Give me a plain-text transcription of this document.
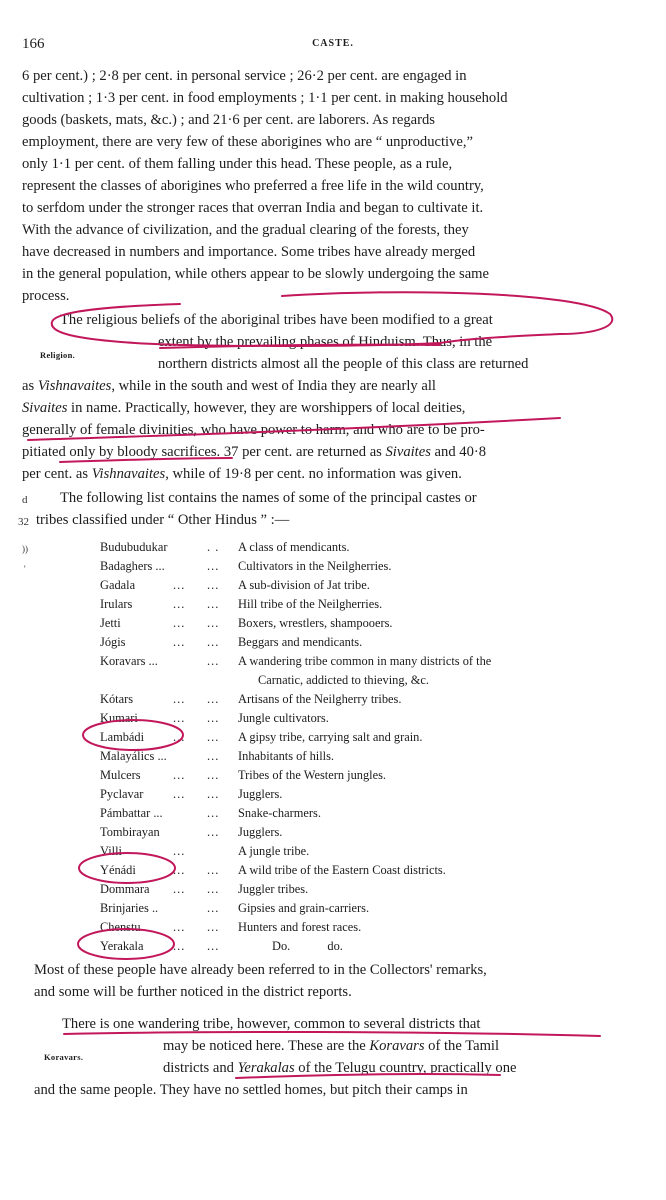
166	CASTE.
6 per cent.) ; 2·8 per cent. in personal service ; 26·2 per cent. are engaged in
cultivation ; 1·3 per cent. in food employments ; 1·1 per cent. in making household
goods (baskets, mats, &c.) ; and 21·6 per cent. are laborers. As regards
employment, there are very few of these aborigines who are “ unproductive,”
only 1·1 per cent. of them falling under this head. These people, as a rule,
represent the classes of aborigines who preferred a free life in the wild country,
to serfdom under the stronger races that overran India and began to cultivate it.
With the advance of civilization, and the gradual clearing of the forests, they
have decreased in numbers and importance. Some tribes have already merged
in the general population, while others appear to be slowly undergoing the same
process.
Religion.
The religious beliefs of the aboriginal tribes have been modified to a great
extent by the prevailing phases of Hinduism. Thus, in the
northern districts almost all the people of this class are returned
as Vishnavaites, while in the south and west of India they are nearly all
Sivaites in name. Practically, however, they are worshippers of local deities,
generally of female divinities, who have power to harm, and who are to be pro-
pitiated only by bloody sacrifices. 37 per cent. are returned as Sivaites and 40·8
per cent. as Vishnavaites, while of 19·8 per cent. no information was given.
d
32
))
'
The following list contains the names of some of the principal castes or
tribes classified under “ Other Hindus ” :—
Budubudukar	. . A class of mendicants.
Badaghers ...	... Cultivators in the Neilgherries.
Gadala	... ... A sub-division of Jat tribe.
Irulars	... ... Hill tribe of the Neilgherries.
Jetti	... ... Boxers, wrestlers, shampooers.
Jógis	... ... Beggars and mendicants.
Koravars ...	... A wandering tribe common in many districts of the
Carnatic, addicted to thieving, &c.
Kótars	... ... Artisans of the Neilgherry tribes.
Kumari	... ... Jungle cultivators.
Lambádi ... ... A gipsy tribe, carrying salt and grain.
Malayálics ...	... Inhabitants of hills.
Mulcers	... ... Tribes of the Western jungles.
Pyclavar ... ... Jugglers.
Pámbattar ...	... Snake-charmers.
Tombirayan	... Jugglers.
Villi	...	A jungle tribe.
Yénádi	... ... A wild tribe of the Eastern Coast districts.
Dommara ... ... Juggler tribes.
Brinjaries ..	... Gipsies and grain-carriers.
Chenstu	... ... Hunters and forest races.
Yerakala ... ...	Do.            do.
Most of these people have already been referred to in the Collectors' remarks,
and some will be further noticed in the district reports.
Koravars.
There is one wandering tribe, however, common to several districts that
may be noticed here. These are the Koravars of the Tamil
districts and Yerakalas of the Telugu country, practically one
and the same people. They have no settled homes, but pitch their camps in
